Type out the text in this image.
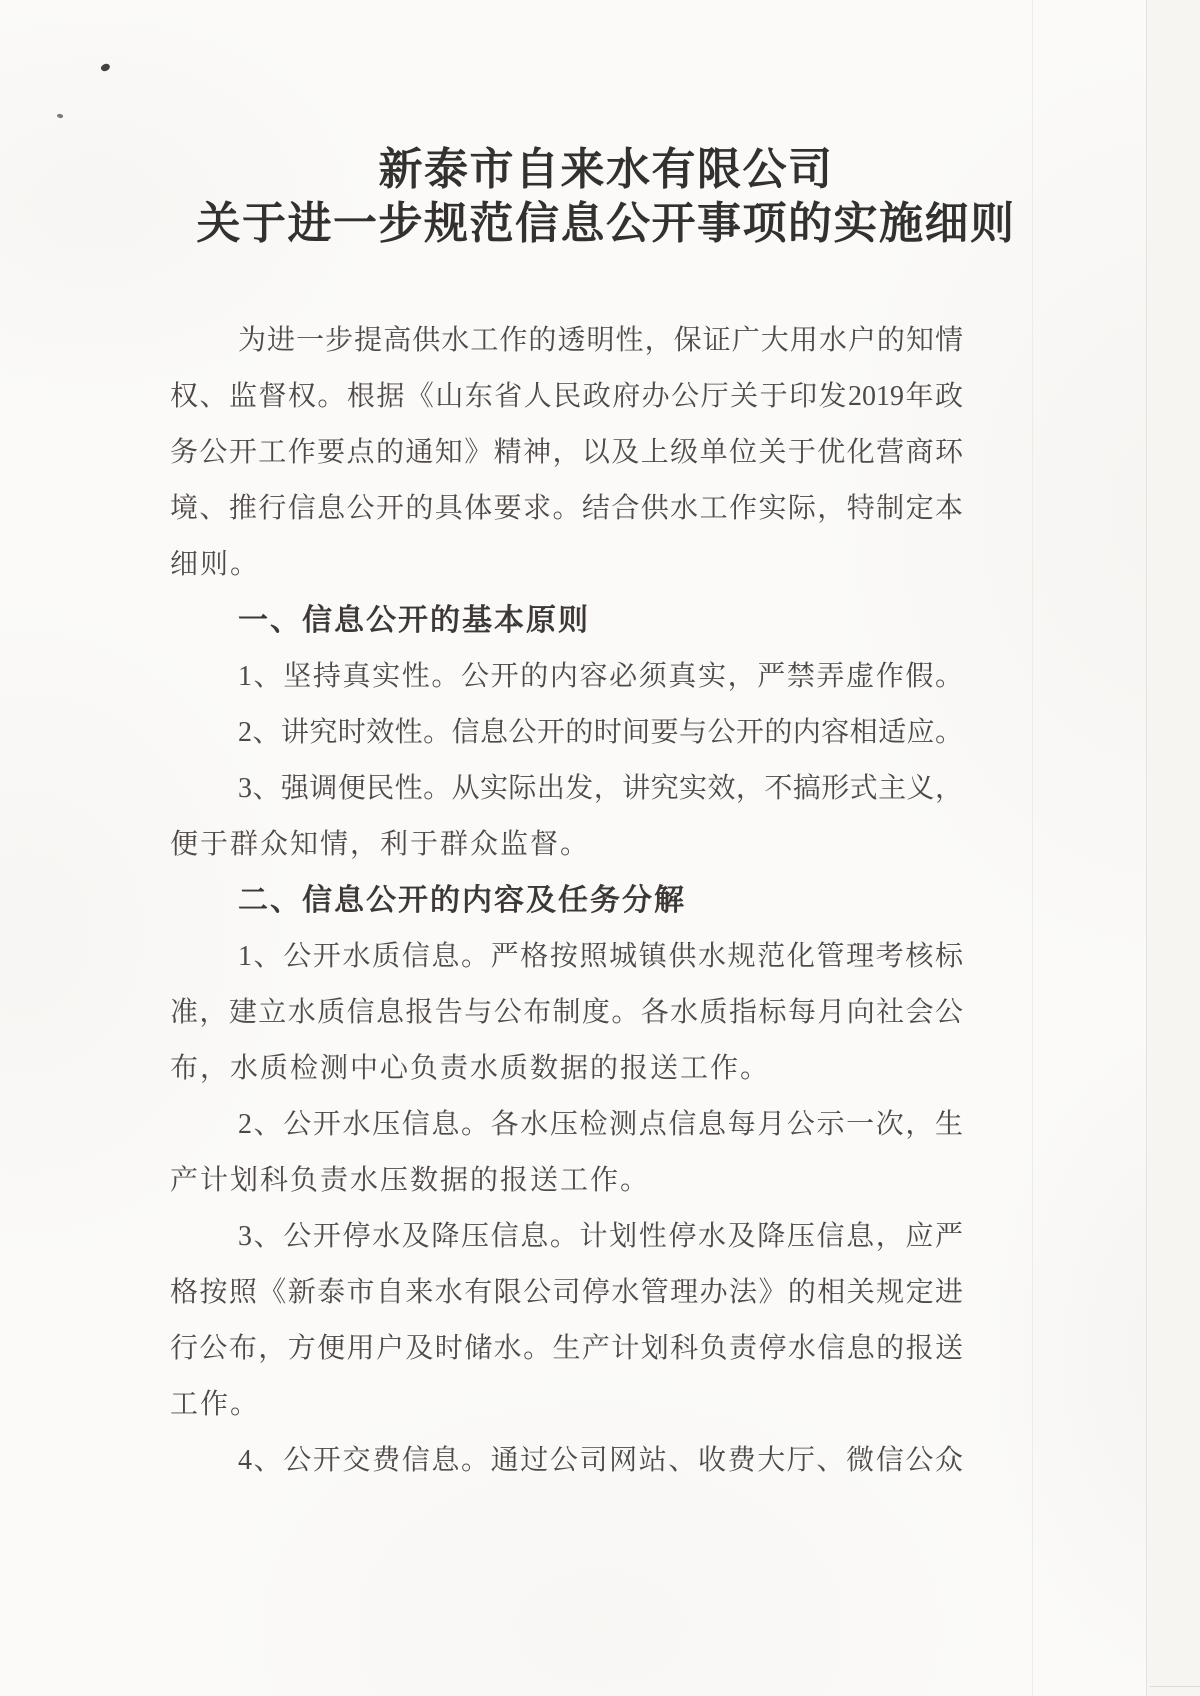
新泰市自来水有限公司
关于进一步规范信息公开事项的实施细则
为进一步提高供水工作的透明性，保证广大用水户的知情
权、监督权。根据《山东省人民政府办公厅关于印发2019年政
务公开工作要点的通知》精神，以及上级单位关于优化营商环
境、推行信息公开的具体要求。结合供水工作实际，特制定本
细则。
一、信息公开的基本原则
1、坚持真实性。公开的内容必须真实，严禁弄虚作假。
2、讲究时效性。信息公开的时间要与公开的内容相适应。
3、强调便民性。从实际出发，讲究实效，不搞形式主义，
便于群众知情，利于群众监督。
二、信息公开的内容及任务分解
1、公开水质信息。严格按照城镇供水规范化管理考核标
准，建立水质信息报告与公布制度。各水质指标每月向社会公
布，水质检测中心负责水质数据的报送工作。
2、公开水压信息。各水压检测点信息每月公示一次，生
产计划科负责水压数据的报送工作。
3、公开停水及降压信息。计划性停水及降压信息，应严
格按照《新泰市自来水有限公司停水管理办法》的相关规定进
行公布，方便用户及时储水。生产计划科负责停水信息的报送
工作。
4、公开交费信息。通过公司网站、收费大厅、微信公众
